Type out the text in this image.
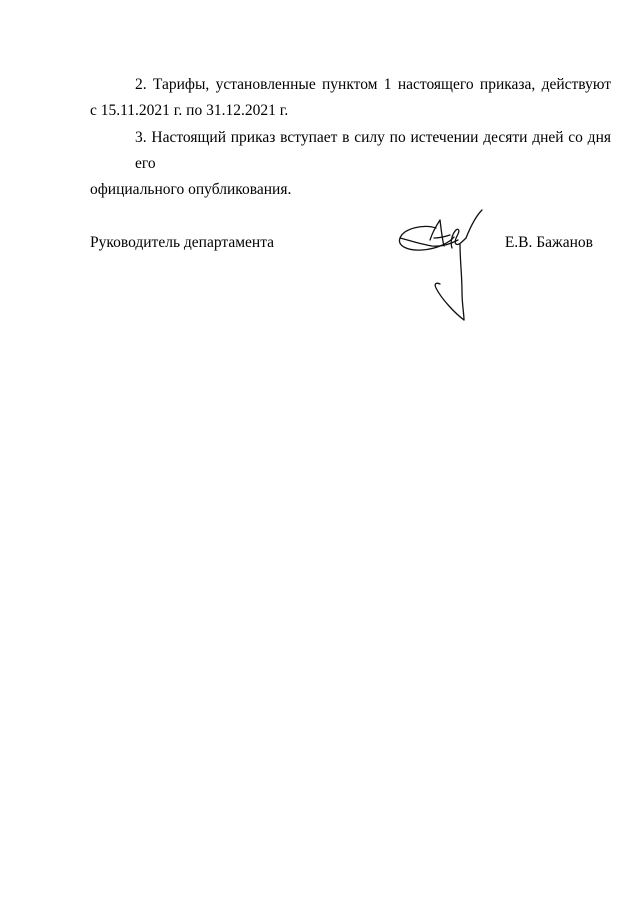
2. Тарифы, установленные пунктом 1 настоящего приказа, действуют
с 15.11.2021 г. по 31.12.2021 г.
3. Настоящий приказ вступает в силу по истечении десяти дней со дня его
официального опубликования.
Руководитель департамента	Е.В. Бажанов
